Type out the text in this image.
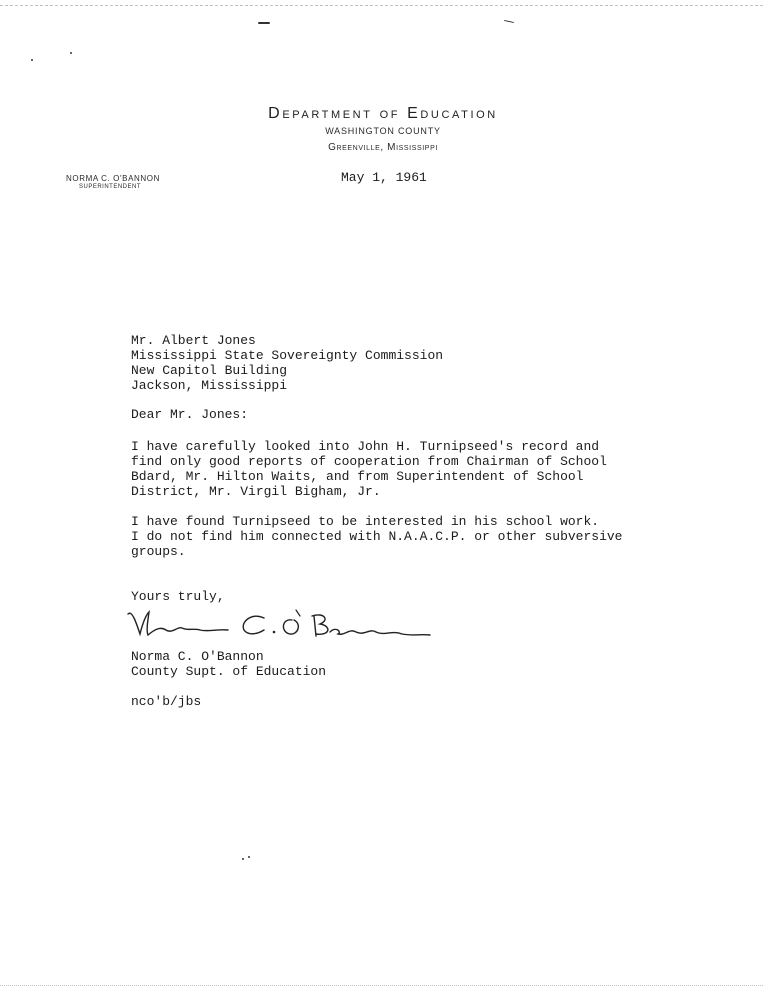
Department of Education
WASHINGTON COUNTY
Greenville, Mississippi
NORMA C. O'BANNON
SUPERINTENDENT
May 1, 1961
Mr. Albert Jones
Mississippi State Sovereignty Commission
New Capitol Building
Jackson, Mississippi
Dear Mr. Jones:
I have carefully looked into John H. Turnipseed's record and
find only good reports of cooperation from Chairman of School
Bdard, Mr. Hilton Waits, and from Superintendent of School
District, Mr. Virgil Bigham, Jr.
I have found Turnipseed to be interested in his school work.
I do not find him connected with N.A.A.C.P. or other subversive
groups.
Yours truly,
Norma C. O'Bannon
County Supt. of Education
nco'b/jbs
